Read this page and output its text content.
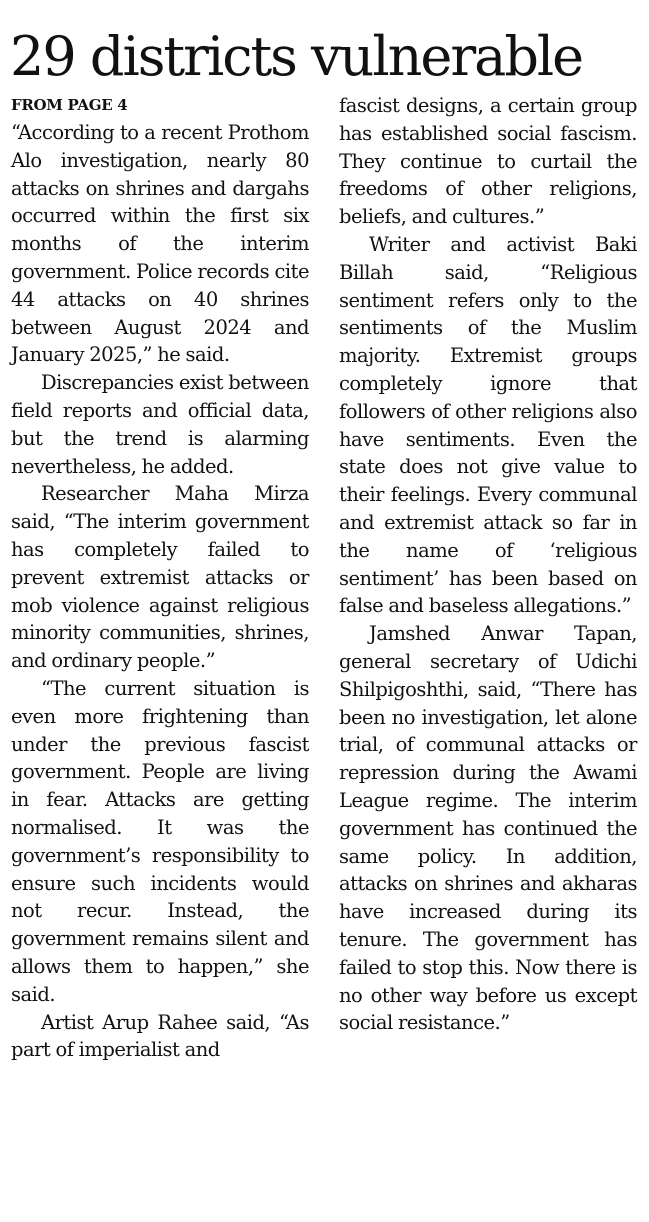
29 districts vulnerable

FROM PAGE 4

“According to a recent Prothom Alo investigation, nearly 80 attacks on shrines and dargahs occurred within the first six months of the interim government. Police records cite 44 attacks on 40 shrines between August 2024 and January 2025,” he said.

Discrepancies exist between field reports and official data, but the trend is alarming nevertheless, he added.

Researcher Maha Mirza said, “The interim government has completely failed to prevent extremist attacks or mob violence against religious minority communities, shrines, and ordinary people.”

“The current situation is even more frightening than under the previous fascist government. People are living in fear. Attacks are getting normalised. It was the government’s responsibility to ensure such incidents would not recur. Instead, the government remains silent and allows them to happen,” she said.

Artist Arup Rahee said, “As part of imperialist and

fascist designs, a certain group has established social fascism. They continue to curtail the freedoms of other religions, beliefs, and cultures.”

Writer and activist Baki Billah said, “Religious sentiment refers only to the sentiments of the Muslim majority. Extremist groups completely ignore that followers of other religions also have sentiments. Even the state does not give value to their feelings. Every communal and extremist attack so far in the name of ‘religious sentiment’ has been based on false and baseless allegations.”

Jamshed Anwar Tapan, general secretary of Udichi Shilpigoshthi, said, “There has been no investigation, let alone trial, of communal attacks or repression during the Awami League regime. The interim government has continued the same policy. In addition, attacks on shrines and akharas have increased during its tenure. The government has failed to stop this. Now there is no other way before us except social resistance.”
